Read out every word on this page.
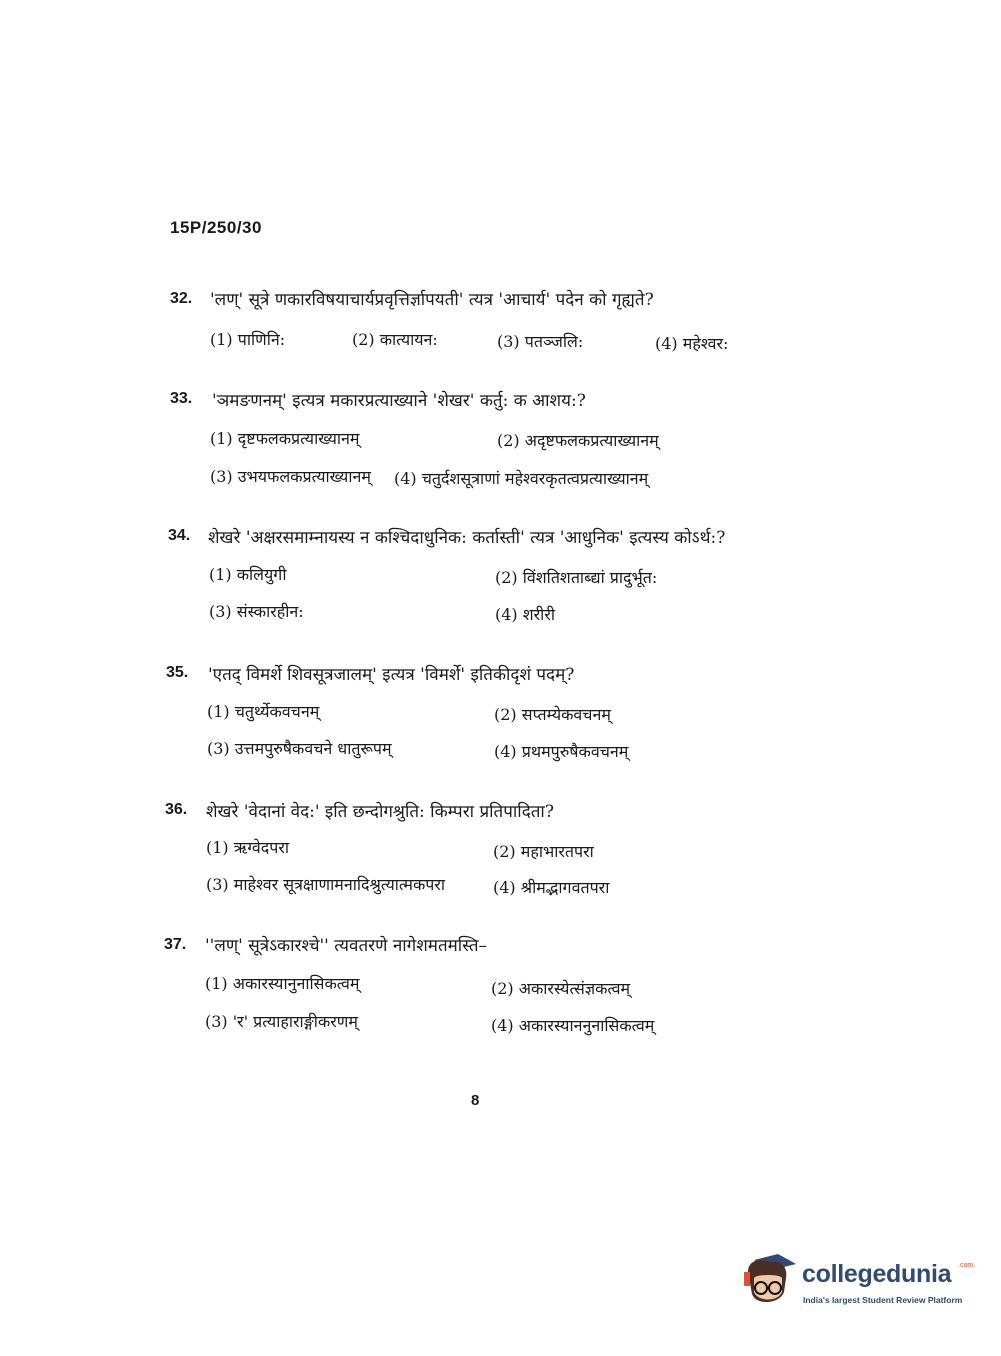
15P/250/30
32. 'लण्' सूत्रे णकारविषयाचार्यप्रवृत्तिर्ज्ञापयती' त्यत्र 'आचार्य' पदेन को गृह्यते?
(1) पाणिनि:	(2) कात्यायन:	(3) पतञ्जलि:	(4) महेश्वर:
33. 'ञमङणनम्' इत्यत्र मकारप्रत्याख्याने 'शेखर' कर्तु: क आशय:?
(1) दृष्टफलकप्रत्याख्यानम्	(2) अदृष्टफलकप्रत्याख्यानम्
(3) उभयफलकप्रत्याख्यानम् (4) चतुर्दशसूत्राणां महेश्वरकृतत्वप्रत्याख्यानम्
34. शेखरे 'अक्षरसमाम्नायस्य न कश्चिदाधुनिक: कर्तास्ती' त्यत्र 'आधुनिक' इत्यस्य कोऽर्थ:?
(1) कलियुगी	(2) विंशतिशताब्द्यां प्रादुर्भूत:
(3) संस्कारहीन:	(4) शरीरी
35. 'एतद् विमर्शे शिवसूत्रजालम्' इत्यत्र 'विमर्शे' इतिकीदृशं पदम्?
(1) चतुर्थ्येकवचनम्	(2) सप्तम्येकवचनम्
(3) उत्तमपुरुषैकवचने धातुरूपम्	(4) प्रथमपुरुषैकवचनम्
36. शेखरे 'वेदानां वेद:' इति छन्दोगश्रुति: किम्परा प्रतिपादिता?
(1) ऋग्वेदपरा	(2) महाभारतपरा
(3) माहेश्वर सूत्रक्षाणामनादिश्रुत्यात्मकपरा	(4) श्रीमद्भागवतपरा
37. ''लण्' सूत्रेऽकारश्चे'' त्यवतरणे नागेशमतमस्ति–
(1) अकारस्यानुनासिकत्वम्	(2) अकारस्येत्संज्ञकत्वम्
(3) 'र' प्रत्याहाराङ्गीकरणम्	(4) अकारस्याननुनासिकत्वम्
8
collegedunia .com
India's largest Student Review Platform
